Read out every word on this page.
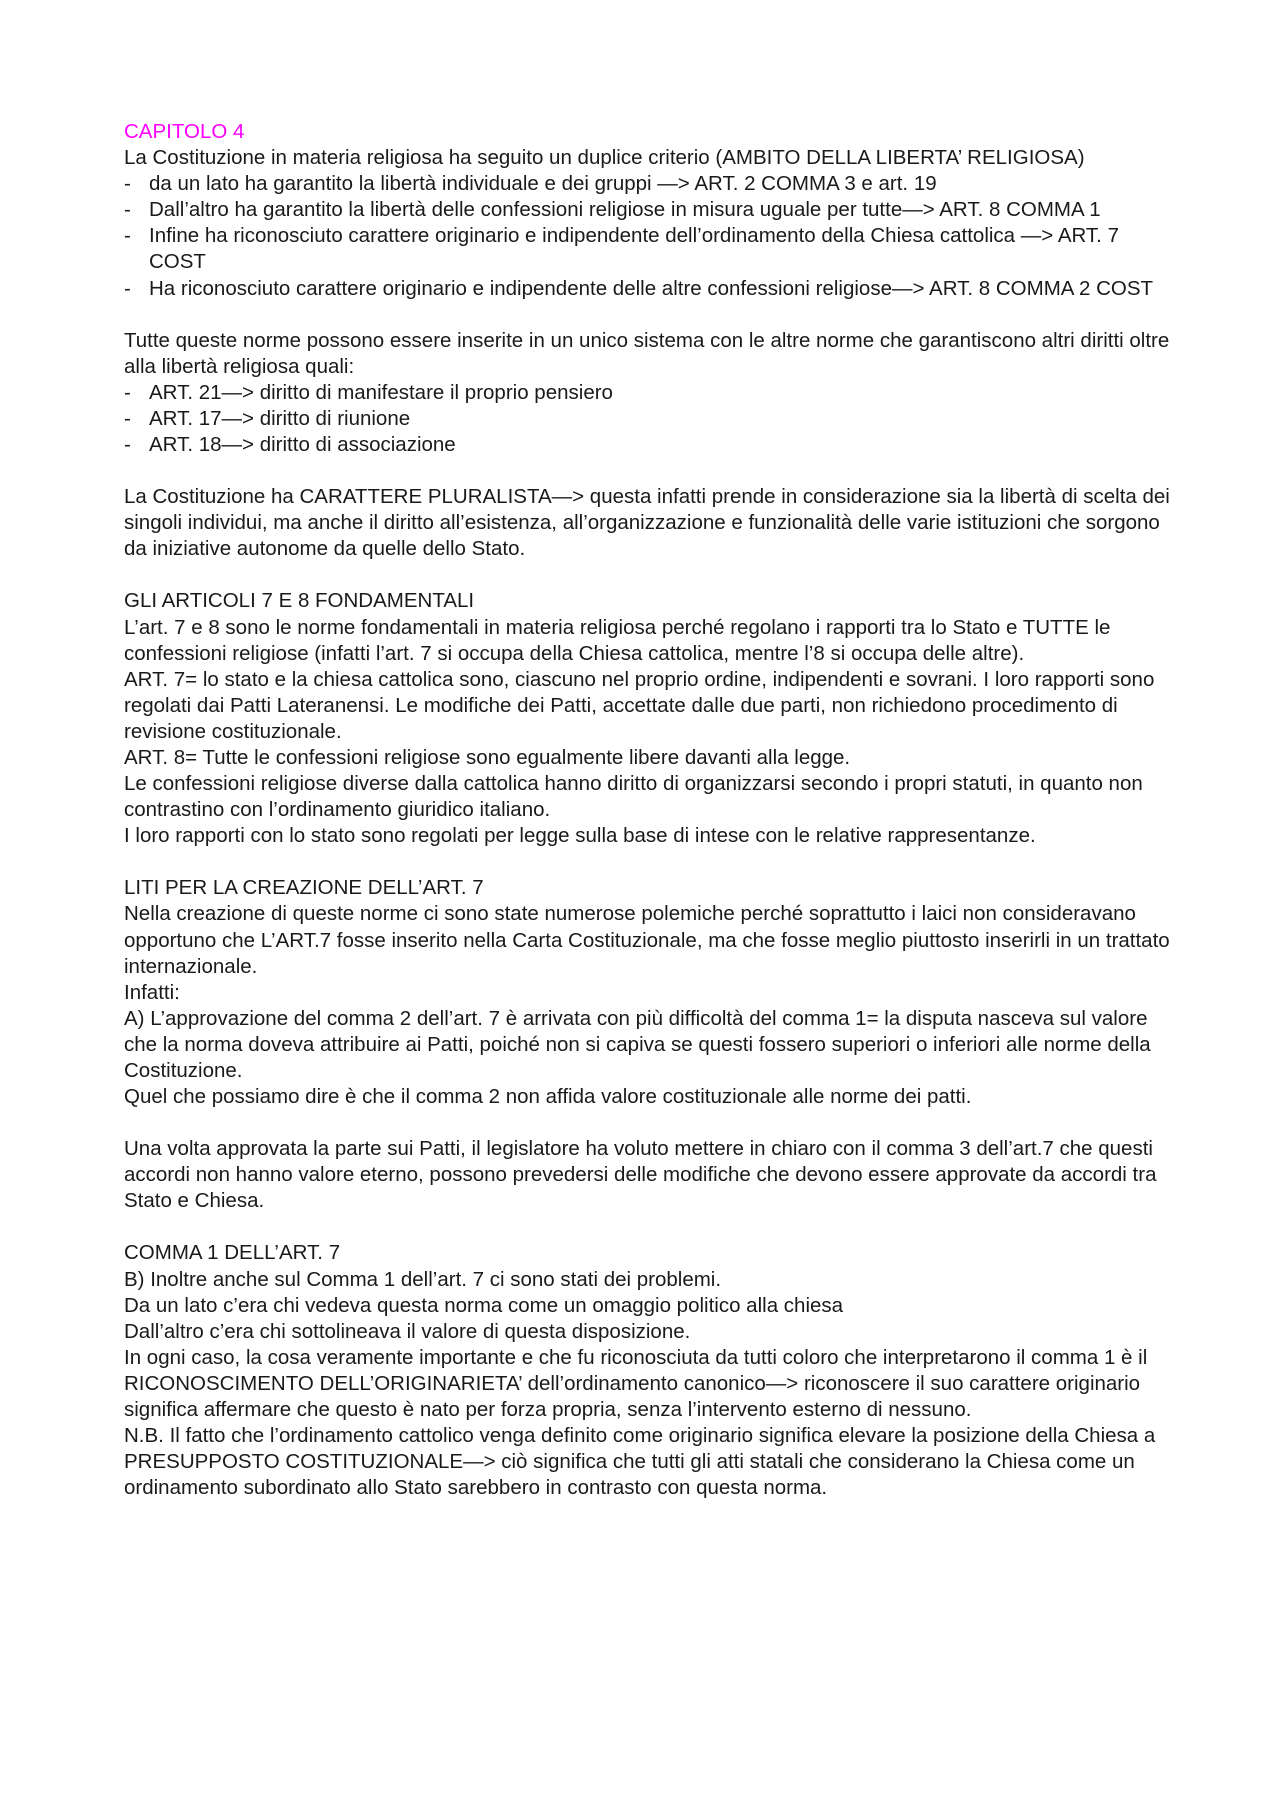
CAPITOLO 4

La Costituzione in materia religiosa ha seguito un duplice criterio (AMBITO DELLA LIBERTA’ RELIGIOSA)

- da un lato ha garantito la libertà individuale e dei gruppi —> ART. 2 COMMA 3 e art. 19
- Dall’altro ha garantito la libertà delle confessioni religiose in misura uguale per tutte—> ART. 8 COMMA 1
- Infine ha riconosciuto carattere originario e indipendente dell’ordinamento della Chiesa cattolica —> ART. 7 COST
- Ha riconosciuto carattere originario e indipendente delle altre confessioni religiose—> ART. 8 COMMA 2 COST

Tutte queste norme possono essere inserite in un unico sistema con le altre norme che garantiscono altri diritti oltre alla libertà religiosa quali:

- ART. 21—> diritto di manifestare il proprio pensiero
- ART. 17—> diritto di riunione
- ART. 18—> diritto di associazione

La Costituzione ha CARATTERE PLURALISTA—> questa infatti prende in considerazione sia la libertà di scelta dei singoli individui, ma anche il diritto all’esistenza, all’organizzazione e funzionalità delle varie istituzioni che sorgono da iniziative autonome da quelle dello Stato.

GLI ARTICOLI 7 E 8 FONDAMENTALI

L’art. 7 e 8 sono le norme fondamentali in materia religiosa perché regolano i rapporti tra lo Stato e TUTTE le confessioni religiose (infatti l’art. 7 si occupa della Chiesa cattolica, mentre l’8 si occupa delle altre).

ART. 7= lo stato e la chiesa cattolica sono, ciascuno nel proprio ordine, indipendenti e sovrani. I loro rapporti sono regolati dai Patti Lateranensi. Le modifiche dei Patti, accettate dalle due parti, non richiedono procedimento di revisione costituzionale.

ART. 8= Tutte le confessioni religiose sono egualmente libere davanti alla legge.

Le confessioni religiose diverse dalla cattolica hanno diritto di organizzarsi secondo i propri statuti, in quanto non contrastino con l’ordinamento giuridico italiano.

I loro rapporti con lo stato sono regolati per legge sulla base di intese con le relative rappresentanze.

LITI PER LA CREAZIONE DELL’ART. 7

Nella creazione di queste norme ci sono state numerose polemiche perché soprattutto i laici non consideravano opportuno che L’ART.7 fosse inserito nella Carta Costituzionale, ma che fosse meglio piuttosto inserirli in un trattato internazionale.

Infatti:

A) L’approvazione del comma 2 dell’art. 7 è arrivata con più difficoltà del comma 1= la disputa nasceva sul valore che la norma doveva attribuire ai Patti, poiché non si capiva se questi fossero superiori o inferiori alle norme della Costituzione.

Quel che possiamo dire è che il comma 2 non affida valore costituzionale alle norme dei patti.

Una volta approvata la parte sui Patti, il legislatore ha voluto mettere in chiaro con il comma 3 dell’art.7 che questi accordi non hanno valore eterno, possono prevedersi delle modifiche che devono essere approvate da accordi tra Stato e Chiesa.

COMMA 1 DELL’ART. 7

B) Inoltre anche sul Comma 1 dell’art. 7 ci sono stati dei problemi.

Da un lato c’era chi vedeva questa norma come un omaggio politico alla chiesa

Dall’altro c’era chi sottolineava il valore di questa disposizione.

In ogni caso, la cosa veramente importante e che fu riconosciuta da tutti coloro che interpretarono il comma 1 è il RICONOSCIMENTO DELL’ORIGINARIETA’ dell’ordinamento canonico—> riconoscere il suo carattere originario significa affermare che questo è nato per forza propria, senza l’intervento esterno di nessuno.

N.B. Il fatto che l’ordinamento cattolico venga definito come originario significa elevare la posizione della Chiesa a PRESUPPOSTO COSTITUZIONALE—> ciò significa che tutti gli atti statali che considerano la Chiesa come un ordinamento subordinato allo Stato sarebbero in contrasto con questa norma.
